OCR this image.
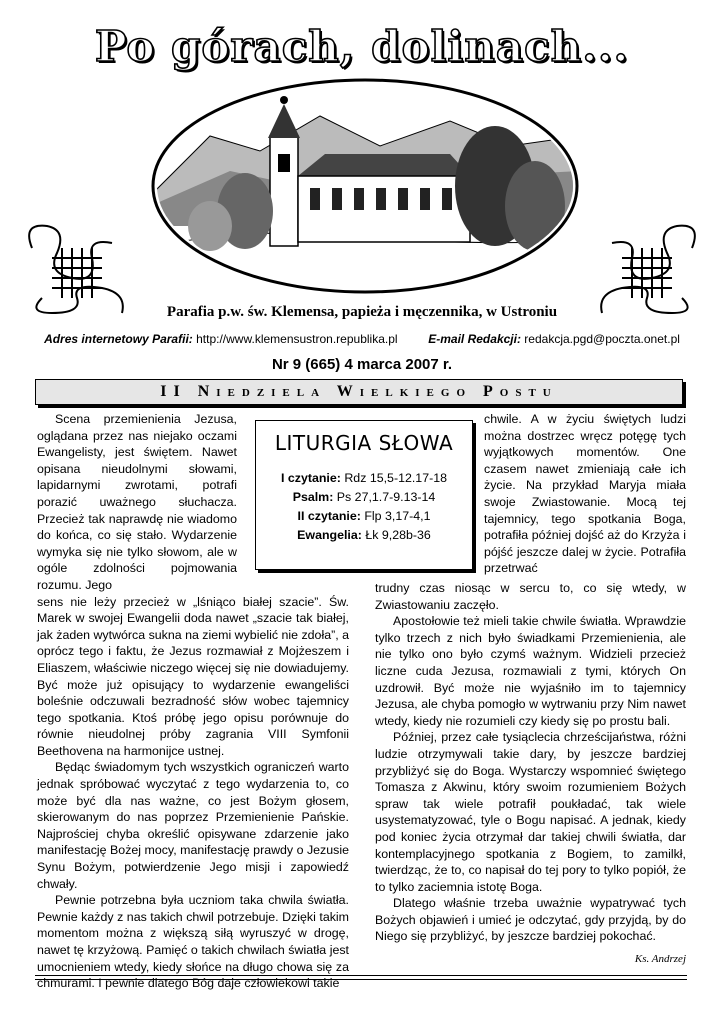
Po górach, dolinach...
Parafia p.w. św. Klemensa, papieża i męczennika, w Ustroniu
Adres internetowy Parafii: http://www.klemensustron.republika.pl	E-mail Redakcji: redakcja.pgd@poczta.onet.pl
Nr 9 (665) 4 marca 2007 r.
II Niedziela Wielkiego Postu

Scena przemienienia Jezusa, oglądana przez nas niejako oczami Ewangelisty, jest świętem. Nawet opisana nieudolnymi słowami, lapidarnymi zwrotami, potrafi porazić uważnego słuchacza. Przecież tak naprawdę nie wiadomo do końca, co się stało. Wydarzenie wymyka się nie tylko słowom, ale w ogóle zdolności pojmowania rozumu. Jego
sens nie leży przecież w „lśniąco białej szacie”. Św. Marek w swojej Ewangelii doda nawet „szacie tak białej, jak żaden wytwórca sukna na ziemi wybielić nie zdoła”, a oprócz tego i faktu, że Jezus rozmawiał z Mojżeszem i Eliaszem, właściwie niczego więcej się nie dowiadujemy. Być może już opisujący to wydarzenie ewangeliści boleśnie odczuwali bezradność słów wobec tajemnicy tego spotkania. Ktoś próbę jego opisu porównuje do równie nieudolnej próby zagrania VIII Symfonii Beethovena na harmonijce ustnej.

Będąc świadomym tych wszystkich ograniczeń warto jednak spróbować wyczytać z tego wydarzenia to, co może być dla nas ważne, co jest Bożym głosem, skierowanym do nas poprzez Przemienienie Pańskie. Najprościej chyba określić opisywane zdarzenie jako manifestację Bożej mocy, manifestację prawdy o Jezusie Synu Bożym, potwierdzenie Jego misji i zapowiedź chwały.

Pewnie potrzebna była uczniom taka chwila światła. Pewnie każdy z nas takich chwil potrzebuje. Dzięki takim momentom można z większą siłą wyruszyć w drogę, nawet tę krzyżową. Pamięć o takich chwilach światła jest umocnieniem wtedy, kiedy słońce na długo chowa się za chmurami. I pewnie dlatego Bóg daje człowiekowi takie

LITURGIA SŁOWA
I czytanie: Rdz 15,5-12.17-18
Psalm: Ps 27,1.7-9.13-14
II czytanie: Flp 3,17-4,1
Ewangelia: Łk 9,28b-36

chwile. A w życiu świętych ludzi można dostrzec wręcz potęgę tych wyjątkowych momentów. One czasem nawet zmieniają całe ich życie. Na przykład Maryja miała swoje Zwiastowanie. Mocą tej tajemnicy, tego spotkania Boga, potrafiła później dojść aż do Krzyża i pójść jeszcze dalej w życie. Potrafiła przetrwać

trudny czas niosąc w sercu to, co się wtedy, w Zwiastowaniu zaczęło.

Apostołowie też mieli takie chwile światła. Wprawdzie tylko trzech z nich było świadkami Przemienienia, ale nie tylko ono było czymś ważnym. Widzieli przecież liczne cuda Jezusa, rozmawiali z tymi, których On uzdrowił. Być może nie wyjaśniło im to tajemnicy Jezusa, ale chyba pomogło w wytrwaniu przy Nim nawet wtedy, kiedy nie rozumieli czy kiedy się po prostu bali.

Później, przez całe tysiąclecia chrześcijaństwa, różni ludzie otrzymywali takie dary, by jeszcze bardziej przybliżyć się do Boga. Wystarczy wspomnieć świętego Tomasza z Akwinu, który swoim rozumieniem Bożych spraw tak wiele potrafił poukładać, tak wiele usystematyzować, tyle o Bogu napisać. A jednak, kiedy pod koniec życia otrzymał dar takiej chwili światła, dar kontemplacyjnego spotkania z Bogiem, to zamilkł, twierdząc, że to, co napisał do tej pory to tylko popiół, że to tylko zaciemnia istotę Boga.

Dlatego właśnie trzeba uważnie wypatrywać tych Bożych objawień i umieć je odczytać, gdy przyjdą, by do Niego się przybliżyć, by jeszcze bardziej pokochać.

Ks. Andrzej
